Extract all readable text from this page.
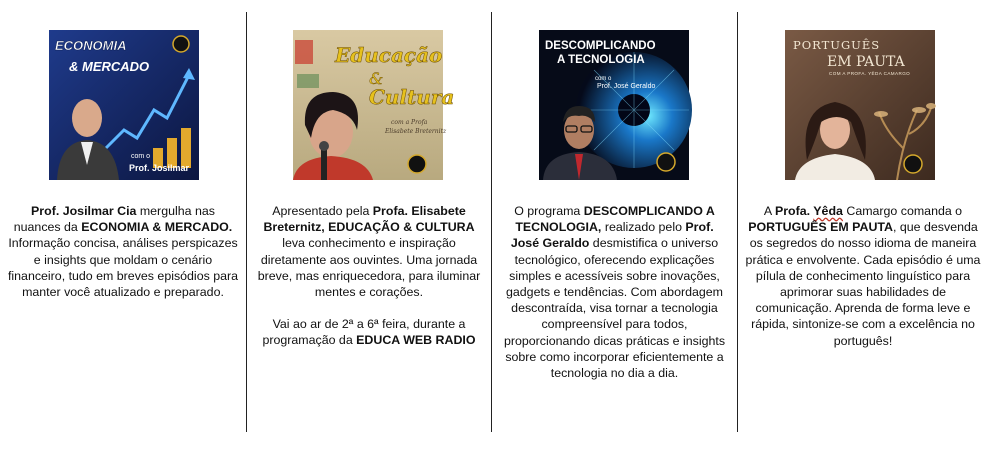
ECONOMIA
& MERCADO
com o
Prof. Josilmar

Prof. Josilmar Cia mergulha nas nuances da ECONOMIA & MERCADO. Informação concisa, análises perspicazes e insights que moldam o cenário financeiro, tudo em breves episódios para manter você atualizado e preparado.

Educação
&
Cultura
com a Profa
Elisabete Breternitz

Apresentado pela Profa. Elisabete Breternitz, EDUCAÇÃO & CULTURA leva conhecimento e inspiração diretamente aos ouvintes. Uma jornada breve, mas enriquecedora, para iluminar mentes e corações.

Vai ao ar de 2ª a 6ª feira, durante a programação da EDUCA WEB RADIO

DESCOMPLICANDO
A TECNOLOGIA
com o
Prof. José Geraldo

O programa DESCOMPLICANDO A TECNOLOGIA, realizado pelo Prof. José Geraldo desmistifica o universo tecnológico, oferecendo explicações simples e acessíveis sobre inovações, gadgets e tendências. Com abordagem descontraída, visa tornar a tecnologia compreensível para todos, proporcionando dicas práticas e insights sobre como incorporar eficientemente a tecnologia no dia a dia.

PORTUGUÊS
EM PAUTA
COM A PROFA. YÊDA CAMARGO

A Profa. Yêda Camargo comanda o PORTUGUÊS EM PAUTA, que desvenda os segredos do nosso idioma de maneira prática e envolvente. Cada episódio é uma pílula de conhecimento linguístico para aprimorar suas habilidades de comunicação. Aprenda de forma leve e rápida, sintonize-se com a excelência no português!
